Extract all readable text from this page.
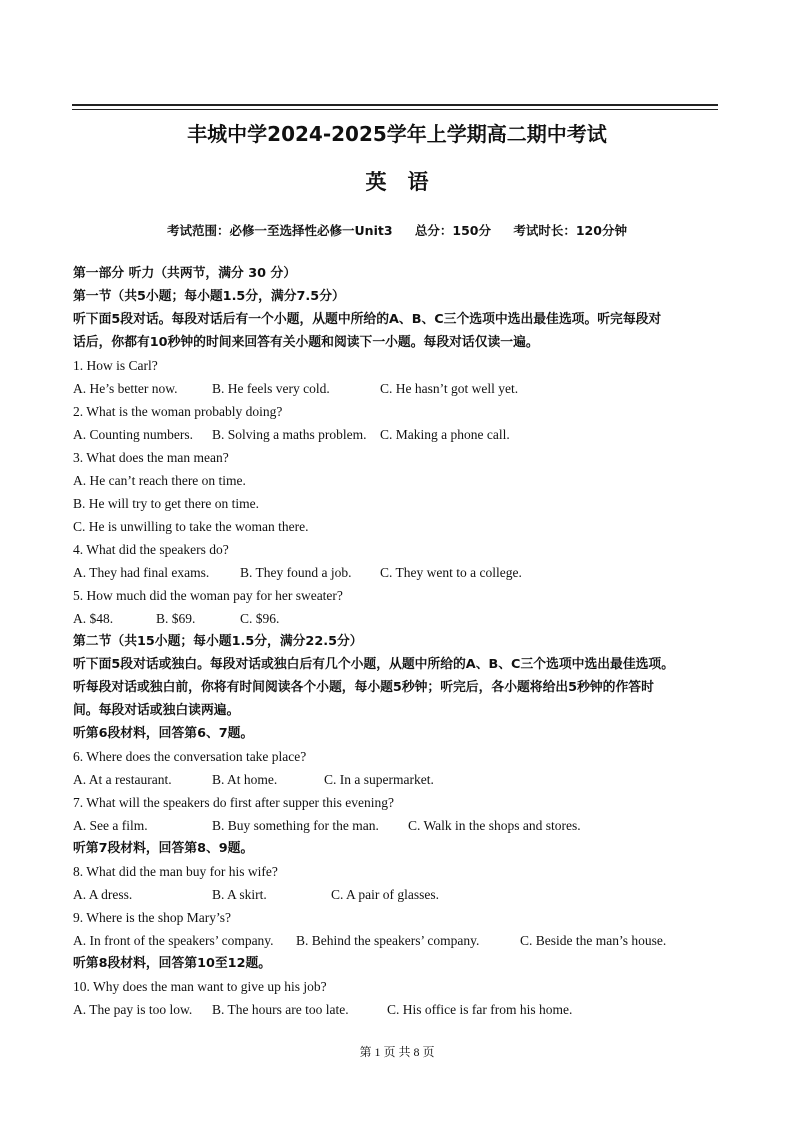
丰城中学2024-2025学年上学期高二期中考试
英　语
考试范围：必修一至选择性必修一Unit3 总分：150分 考试时长：120分钟
第一部分 听力（共两节，满分 30 分）
第一节（共5小题；每小题1.5分，满分7.5分）
听下面5段对话。每段对话后有一个小题，从题中所给的A、B、C三个选项中选出最佳选项。听完每段对
话后，你都有10秒钟的时间来回答有关小题和阅读下一小题。每段对话仅读一遍。
1. How is Carl?
A. He’s better now.	B. He feels very cold.	C. He hasn’t got well yet.
2. What is the woman probably doing?
A. Counting numbers. B. Solving a maths problem. C. Making a phone call.
3. What does the man mean?
A. He can’t reach there on time.
B. He will try to get there on time.
C. He is unwilling to take the woman there.
4. What did the speakers do?
A. They had final exams. B. They found a job. C. They went to a college.
5. How much did the woman pay for her sweater?
A. $48.	B. $69.	C. $96.
第二节（共15小题；每小题1.5分，满分22.5分）
听下面5段对话或独白。每段对话或独白后有几个小题，从题中所给的A、B、C三个选项中选出最佳选项。
听每段对话或独白前，你将有时间阅读各个小题，每小题5秒钟；听完后，各小题将给出5秒钟的作答时
间。每段对话或独白读两遍。
听第6段材料，回答第6、7题。
6. Where does the conversation take place?
A. At a restaurant.	B. At home.	C. In a supermarket.
7. What will the speakers do first after supper this evening?
A. See a film.	B. Buy something for the man. C. Walk in the shops and stores.
听第7段材料，回答第8、9题。
8. What did the man buy for his wife?
A. A dress.	B. A skirt.	C. A pair of glasses.
9. Where is the shop Mary’s?
A. In front of the speakers’ company. B. Behind the speakers’ company.	C. Beside the man’s house.
听第8段材料，回答第10至12题。
10. Why does the man want to give up his job?
A. The pay is too low. B. The hours are too late.	C. His office is far from his home.
第 1 页 共 8 页
